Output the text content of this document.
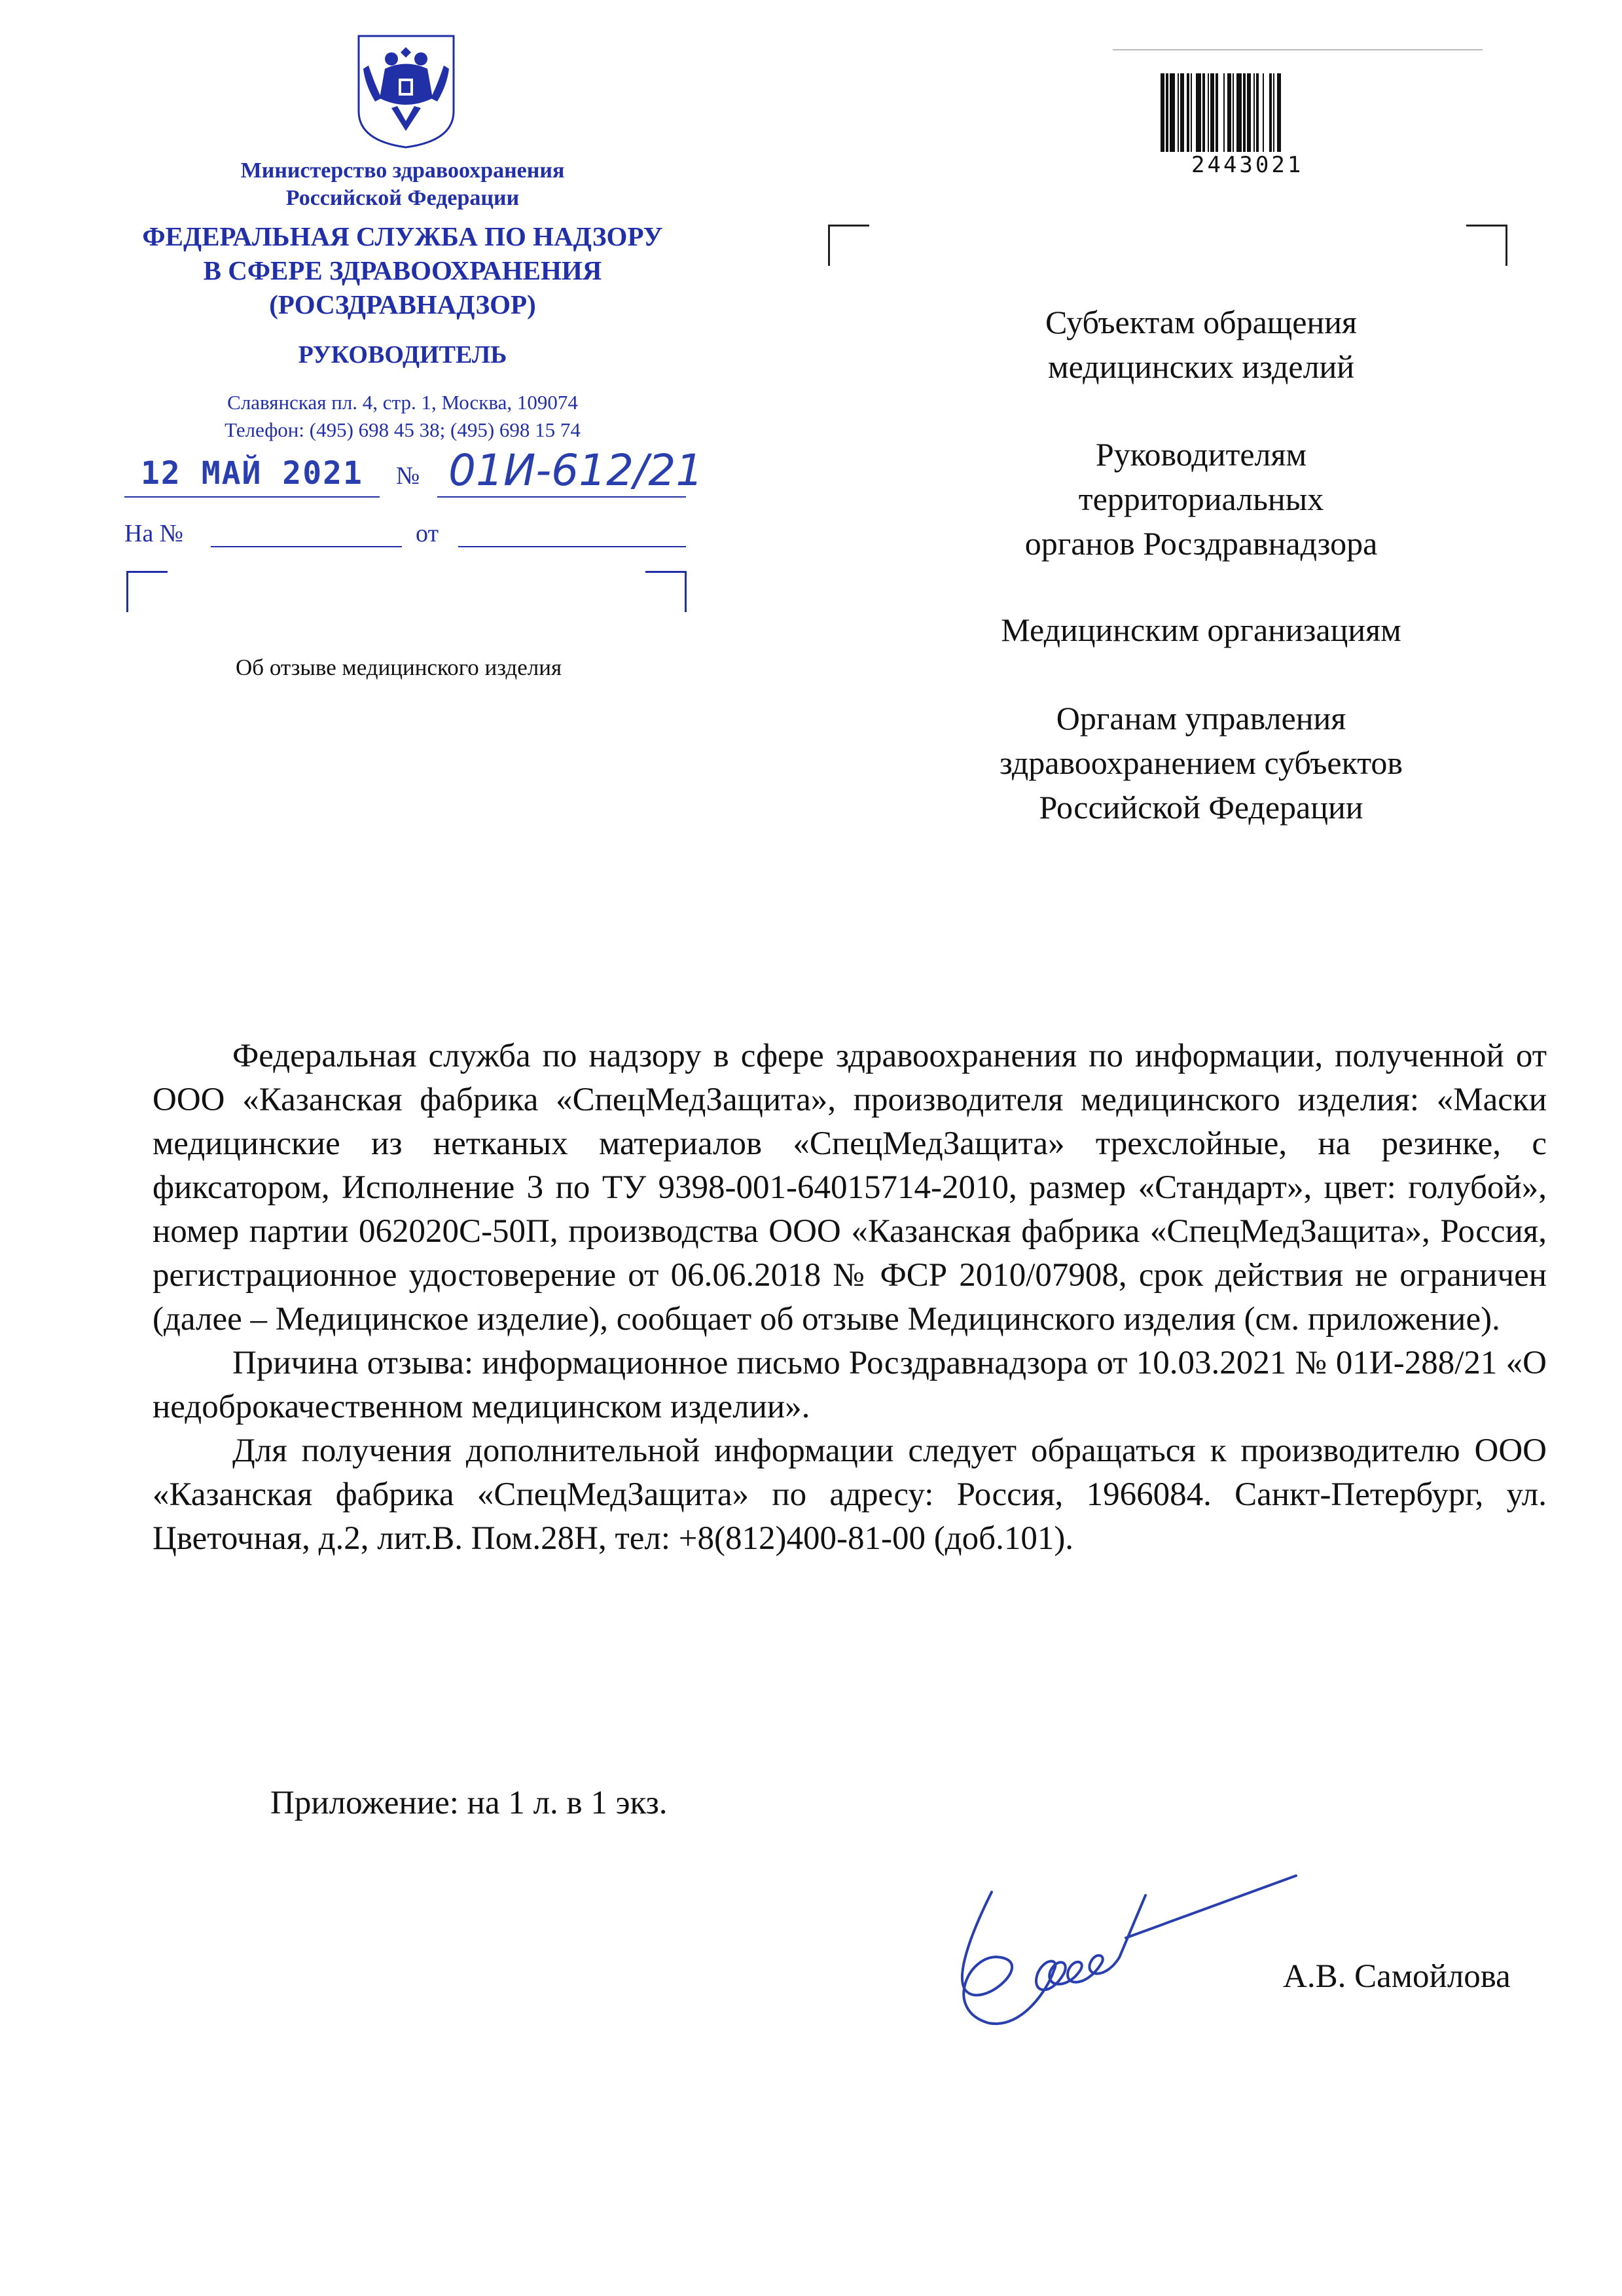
Министерство здравоохранения
Российской Федерации
ФЕДЕРАЛЬНАЯ СЛУЖБА ПО НАДЗОРУ
В СФЕРЕ ЗДРАВООХРАНЕНИЯ
(РОСЗДРАВНАДЗОР)
РУКОВОДИТЕЛЬ
Славянская пл. 4, стр. 1, Москва, 109074
Телефон: (495) 698 45 38; (495) 698 15 74
12 МАЙ 2021 № 01И-612/21
На №	от
Об отзыве медицинского изделия
2443021
Субъектам обращения
медицинских изделий
Руководителям
территориальных
органов Росздравнадзора
Медицинским организациям
Органам управления
здравоохранением субъектов
Российской Федерации

Федеральная служба по надзору в сфере здравоохранения по информации, полученной от ООО «Казанская фабрика «СпецМедЗащита», производителя медицинского изделия: «Маски медицинские из нетканых материалов «СпецМедЗащита» трехслойные, на резинке, с фиксатором, Исполнение 3 по ТУ 9398-001-64015714-2010, размер «Стандарт», цвет: голубой», номер партии 062020С-50П, производства ООО «Казанская фабрика «СпецМедЗащита», Россия, регистрационное удостоверение от 06.06.2018 № ФСР 2010/07908, срок действия не ограничен (далее – Медицинское изделие), сообщает об отзыве Медицинского изделия (см. приложение).

Причина отзыва: информационное письмо Росздравнадзора от 10.03.2021 № 01И-288/21 «О недоброкачественном медицинском изделии».

Для получения дополнительной информации следует обращаться к производителю ООО «Казанская фабрика «СпецМедЗащита» по адресу: Россия, 1966084. Санкт-Петербург, ул. Цветочная, д.2, лит.В. Пом.28Н, тел: +8(812)400-81-00 (доб.101).

Приложение: на 1 л. в 1 экз.
А.В. Самойлова
